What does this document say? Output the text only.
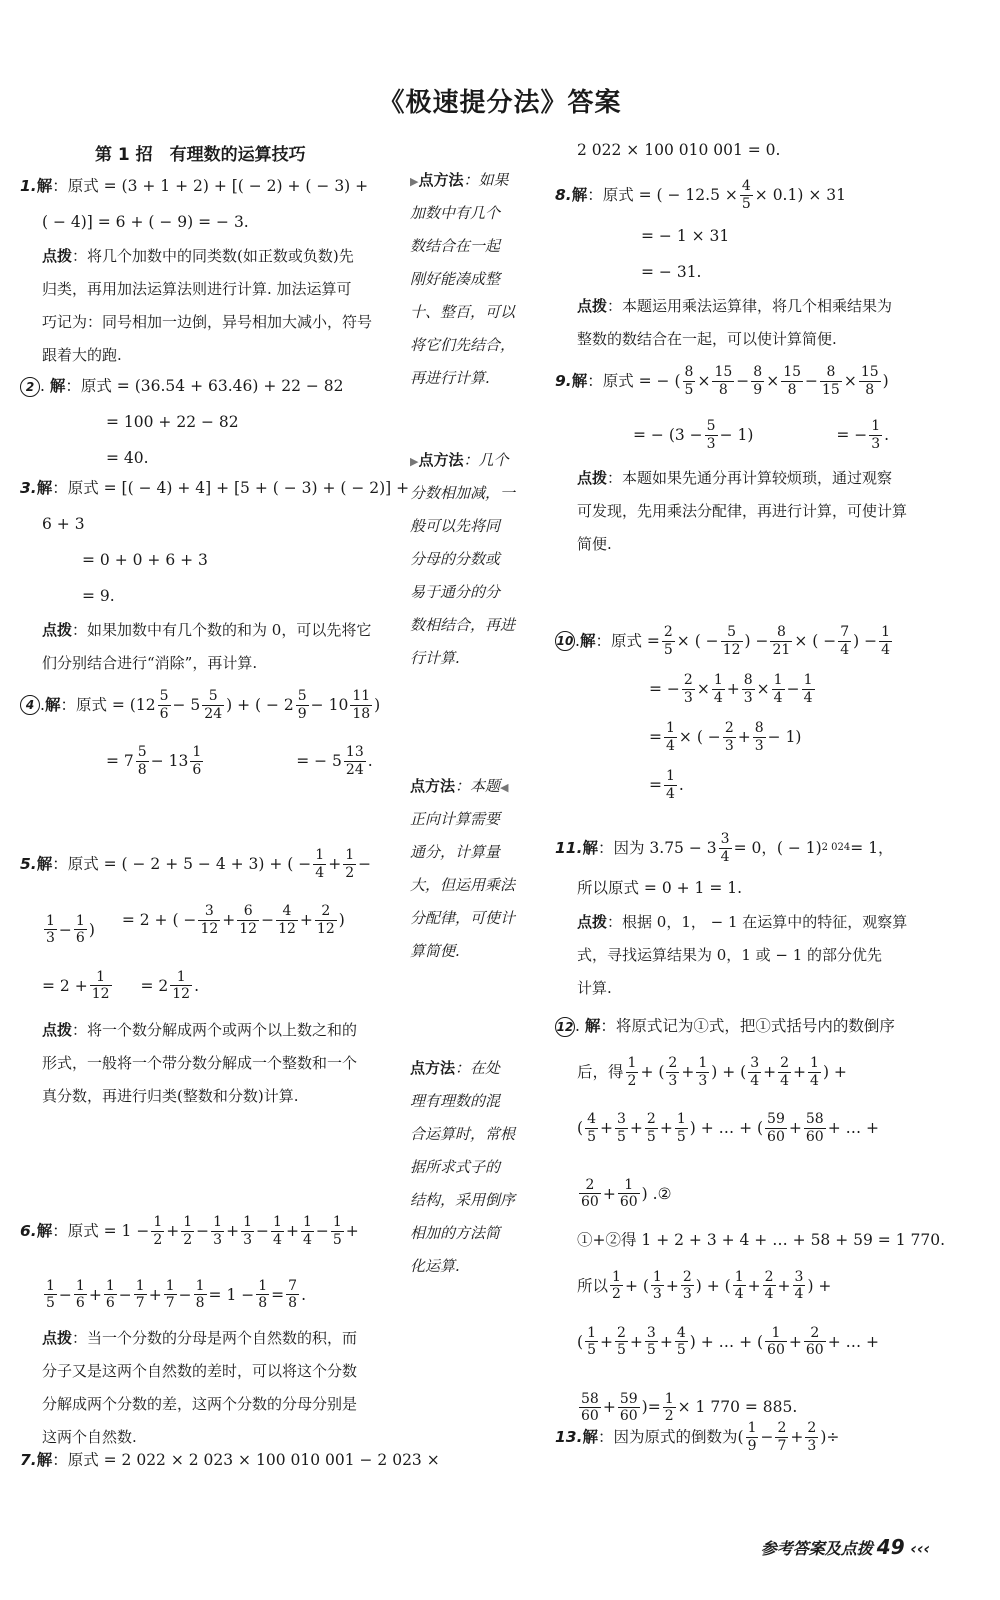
《极速提分法》答案
第 1 招　有理数的运算技巧
1.解：原式 = (3 + 1 + 2) + [( − 2) + ( − 3) +
( − 4)] = 6 + ( − 9) = − 3.
点拨：将几个加数中的同类数(如正数或负数)先
归类，再用加法运算法则进行计算. 加法运算可
巧记为：同号相加一边倒，异号相加大减小，符号
跟着大的跑.
2 . 解：原式 = (36.54 + 63.46) + 22 − 82
= 100 + 22 − 82
= 40.
3.解：原式 = [( − 4) + 4] + [5 + ( − 3) + ( − 2)] +
6 + 3
= 0 + 0 + 6 + 3
= 9.
点拨：如果加数中有几个数的和为 0，可以先将它
们分别结合进行“消除”，再计算.
4 . 解 ：原式 = ($12 \frac{5}{6} - 5 \frac{5}{24}$ ) + ( − $2 \frac{5}{9} - 10 \frac{11}{18}$ )

= $7 \frac{5}{8} - 13 \frac{1}{6}$
	= − $5 \frac{13}{24}$ .
5. 解 ：原式 = ( − 2 + 5 − 4 + 3) + ( − $\frac{1}{4} + \frac{1}{2}$ −
$\frac{1}{3} - \frac{1}{6}$ )
= 2 + ( − $\frac{3}{12} + \frac{6}{12} - \frac{4}{12} + \frac{2}{12}$ )
= $2 + \frac{1}{12}$
= $2 \frac{1}{12}$ .
点拨：将一个数分解成两个或两个以上数之和的
形式，一般将一个带分数分解成一个整数和一个
真分数，再进行归类(整数和分数)计算.
6. 解 ：原式 = $1 - \frac{1}{2} + \frac{1}{2} - \frac{1}{3} + \frac{1}{3} - \frac{1}{4} + \frac{1}{4} - \frac{1}{5}$ +
$\frac{1}{5} - \frac{1}{6} + \frac{1}{6} - \frac{1}{7} + \frac{1}{7} - \frac{1}{8} = 1 - \frac{1}{8} = \frac{7}{8}$ .
点拨：当一个分数的分母是两个自然数的积，而
分子又是这两个自然数的差时，可以将这个分数
分解成两个分数的差，这两个分数的分母分别是
这两个自然数.
7.解：原式 = 2 022 × 2 023 × 100 010 001 − 2 023 ×
▶点方法：如果
加数中有几个
数结合在一起
刚好能凑成整
十、整百，可以
将它们先结合，
再进行计算.
▶点方法：几个
分数相加减，一
般可以先将同
分母的分数或
易于通分的分
数相结合，再进
行计算.
点方法：本题◀
正向计算需要
通分，计算量
大，但运用乘法
分配律，可使计
算简便.
点方法：在处
理有理数的混
合运算时，常根
据所求式子的
结构，采用倒序
相加的方法简
化运算.
2 022 × 100 010 001 = 0.
8. 解 ：原式 = ( − $12.5 \times \frac{4}{5} \times 0.1) \times 31$
= − 1 × 31
= − 31.
点拨：本题运用乘法运算律，将几个相乘结果为
整数的数结合在一起，可以使计算简便.
9. 解 ：原式 = − ( $\frac{8}{5} \times \frac{15}{8} - \frac{8}{9} \times \frac{15}{8} - \frac{8}{15} \times \frac{15}{8}$ )
= − $(3 - \frac{5}{3} - 1)$
	= − $\frac{1}{3}$ .
点拨：本题如果先通分再计算较烦琐，通过观察
可发现，先用乘法分配律，再进行计算，可使计算
简便.
10 . 解 ：原式 = $\frac{2}{5}$ × ( − $\frac{5}{12}$ ) − $\frac{8}{21}$ × ( − $\frac{7}{4}$ ) − $\frac{1}{4}$
= − $\frac{2}{3} \times \frac{1}{4} + \frac{8}{3} \times \frac{1}{4} - \frac{1}{4}$
= $\frac{1}{4}$ × ( − $\frac{2}{3} + \frac{8}{3} - 1) = \frac{1}{4}$ .
11. 解 ：因为 $3.75 - 3 \frac{3}{4} = 0$，( − 1) 2 024 = 1，
所以原式 = 0 + 1 = 1.
点拨：根据 0，1， − 1 在运算中的特征，观察算
式，寻找运算结果为 0，1 或 − 1 的部分优先
计算.
12 . 解：将原式记为①式，把①式括号内的数倒序
后，得 $\frac{1}{2}$ + ( $\frac{2}{3} + \frac{1}{3}$ ) + ( $\frac{3}{4} + \frac{2}{4} + \frac{1}{4}$ ) + ( $\frac{4}{5} + \frac{3}{5} + \frac{2}{5} + \frac{1}{5}$ ) + … + ( $\frac{59}{60} + \frac{58}{60}$ + … +

$\frac{2}{60} + \frac{1}{60}$ ) . ②
①+②得 1 + 2 + 3 + 4 + … + 58 + 59 = 1 770.
所以 $\frac{1}{2}$ + ( $\frac{1}{3} + \frac{2}{3}$ ) + ( $\frac{1}{4} + \frac{2}{4} + \frac{3}{4}$ ) + ( $\frac{1}{5} + \frac{2}{5} + \frac{3}{5} + \frac{4}{5}$ ) + … + ( $\frac{1}{60} + \frac{2}{60}$ + … +

$\frac{58}{60} + \frac{59}{60}$ ) = $\frac{1}{2} \times 1$ 770 = 885.
13. 解 ：因为原式的倒数为 ( $\frac{1}{9} - \frac{2}{7} + \frac{2}{3}$ ) ÷
参考答案及点拨 49 ‹‹‹
